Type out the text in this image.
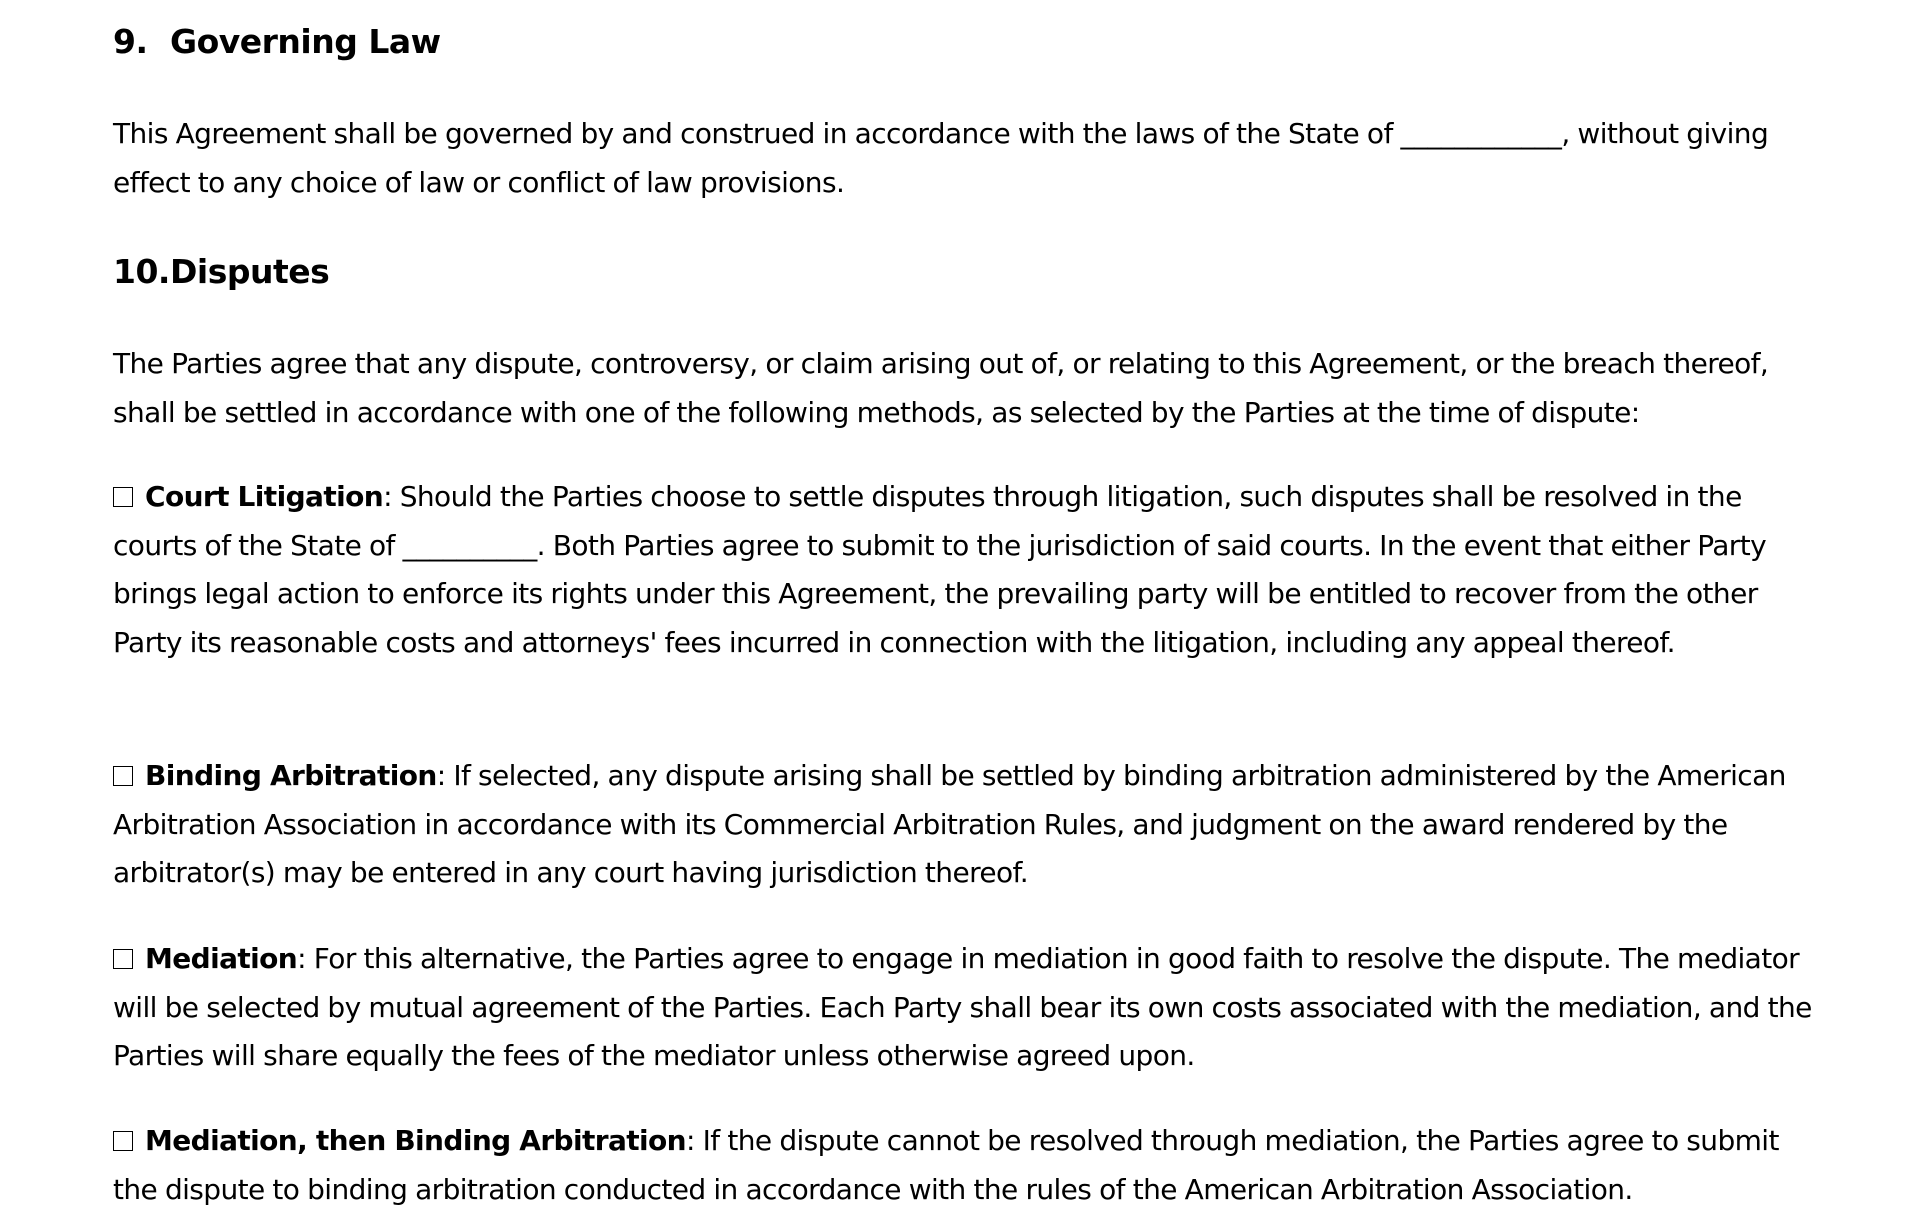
9. Governing Law

This Agreement shall be governed by and construed in accordance with the laws of the State of ____________, without giving effect to any choice of law or conflict of law provisions.

10.Disputes

The Parties agree that any dispute, controversy, or claim arising out of, or relating to this Agreement, or the breach thereof, shall be settled in accordance with one of the following methods, as selected by the Parties at the time of dispute:

Court Litigation: Should the Parties choose to settle disputes through litigation, such disputes shall be resolved in the courts of the State of __________. Both Parties agree to submit to the jurisdiction of said courts. In the event that either Party brings legal action to enforce its rights under this Agreement, the prevailing party will be entitled to recover from the other Party its reasonable costs and attorneys' fees incurred in connection with the litigation, including any appeal thereof.

Binding Arbitration: If selected, any dispute arising shall be settled by binding arbitration administered by the American Arbitration Association in accordance with its Commercial Arbitration Rules, and judgment on the award rendered by the arbitrator(s) may be entered in any court having jurisdiction thereof.

Mediation: For this alternative, the Parties agree to engage in mediation in good faith to resolve the dispute. The mediator will be selected by mutual agreement of the Parties. Each Party shall bear its own costs associated with the mediation, and the Parties will share equally the fees of the mediator unless otherwise agreed upon.

Mediation, then Binding Arbitration: If the dispute cannot be resolved through mediation, the Parties agree to submit the dispute to binding arbitration conducted in accordance with the rules of the American Arbitration Association.
